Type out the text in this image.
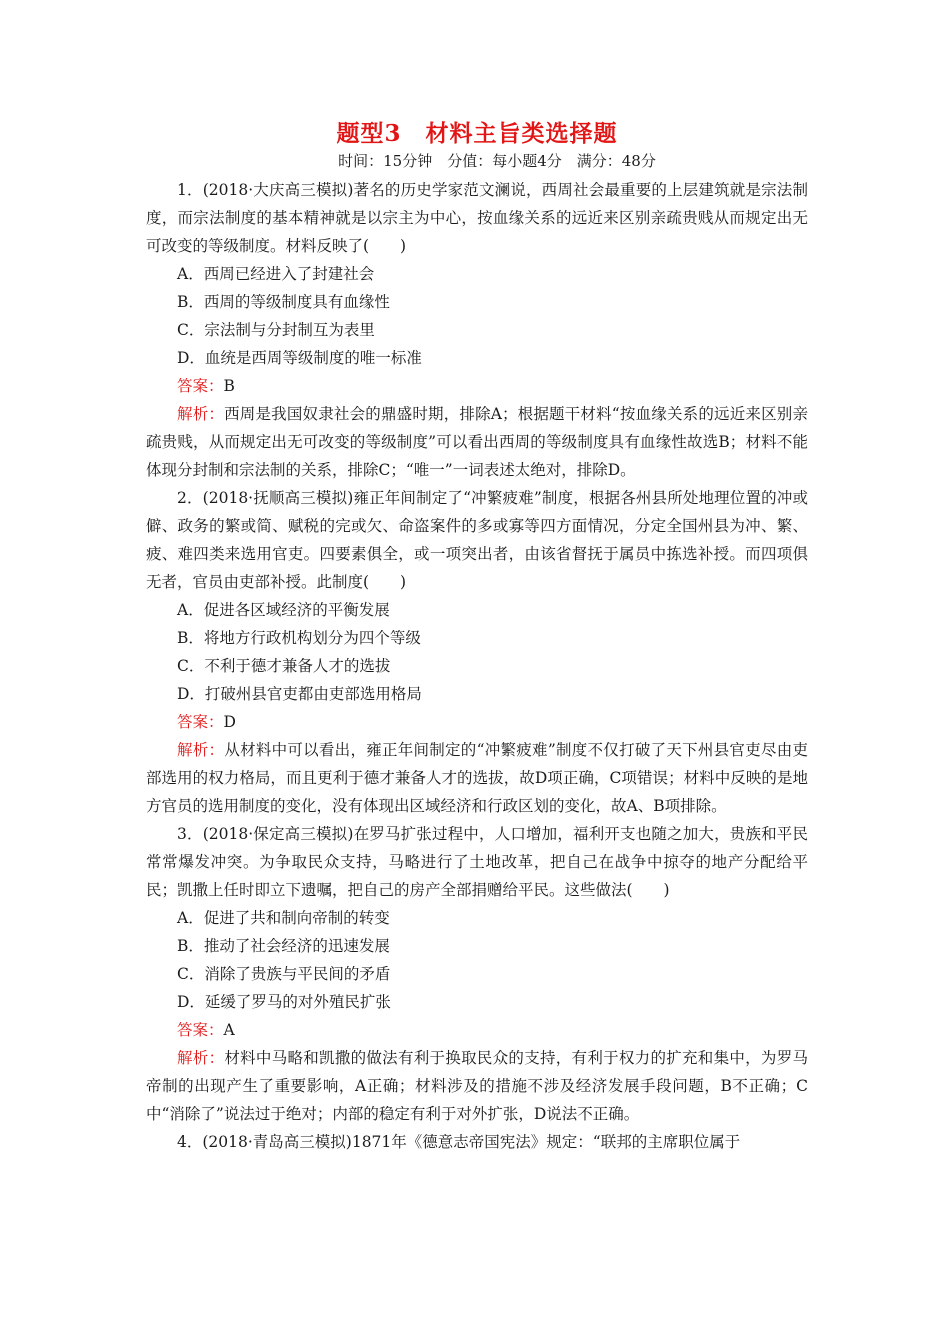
题型3　材料主旨类选择题

时间：15分钟　分值：每小题4分　满分：48分

1．(2018·大庆高三模拟)著名的历史学家范文澜说，西周社会最重要的上层建筑就是宗法制度，而宗法制度的基本精神就是以宗主为中心，按血缘关系的远近来区别亲疏贵贱从而规定出无可改变的等级制度。材料反映了(　　)

A．西周已经进入了封建社会

B．西周的等级制度具有血缘性

C．宗法制与分封制互为表里

D．血统是西周等级制度的唯一标准

答案：B

解析：西周是我国奴隶社会的鼎盛时期，排除A；根据题干材料“按血缘关系的远近来区别亲疏贵贱，从而规定出无可改变的等级制度”可以看出西周的等级制度具有血缘性故选B；材料不能体现分封制和宗法制的关系，排除C；“唯一”一词表述太绝对，排除D。

2．(2018·抚顺高三模拟)雍正年间制定了“冲繁疲难”制度，根据各州县所处地理位置的冲或僻、政务的繁或简、赋税的完或欠、命盗案件的多或寡等四方面情况，分定全国州县为冲、繁、疲、难四类来选用官吏。四要素俱全，或一项突出者，由该省督抚于属员中拣选补授。而四项俱无者，官员由吏部补授。此制度(　　)

A．促进各区域经济的平衡发展

B．将地方行政机构划分为四个等级

C．不利于德才兼备人才的选拔

D．打破州县官吏都由吏部选用格局

答案：D

解析：从材料中可以看出，雍正年间制定的“冲繁疲难”制度不仅打破了天下州县官吏尽由吏部选用的权力格局，而且更利于德才兼备人才的选拔，故D项正确，C项错误；材料中反映的是地方官员的选用制度的变化，没有体现出区域经济和行政区划的变化，故A、B项排除。

3．(2018·保定高三模拟)在罗马扩张过程中，人口增加，福利开支也随之加大，贵族和平民常常爆发冲突。为争取民众支持，马略进行了土地改革，把自己在战争中掠夺的地产分配给平民；凯撒上任时即立下遗嘱，把自己的房产全部捐赠给平民。这些做法(　　)

A．促进了共和制向帝制的转变

B．推动了社会经济的迅速发展

C．消除了贵族与平民间的矛盾

D．延缓了罗马的对外殖民扩张

答案：A

解析：材料中马略和凯撒的做法有利于换取民众的支持，有利于权力的扩充和集中，为罗马帝制的出现产生了重要影响，A正确；材料涉及的措施不涉及经济发展手段问题，B不正确；C中“消除了”说法过于绝对；内部的稳定有利于对外扩张，D说法不正确。

4．(2018·青岛高三模拟)1871年《德意志帝国宪法》规定：“联邦的主席职位属于
